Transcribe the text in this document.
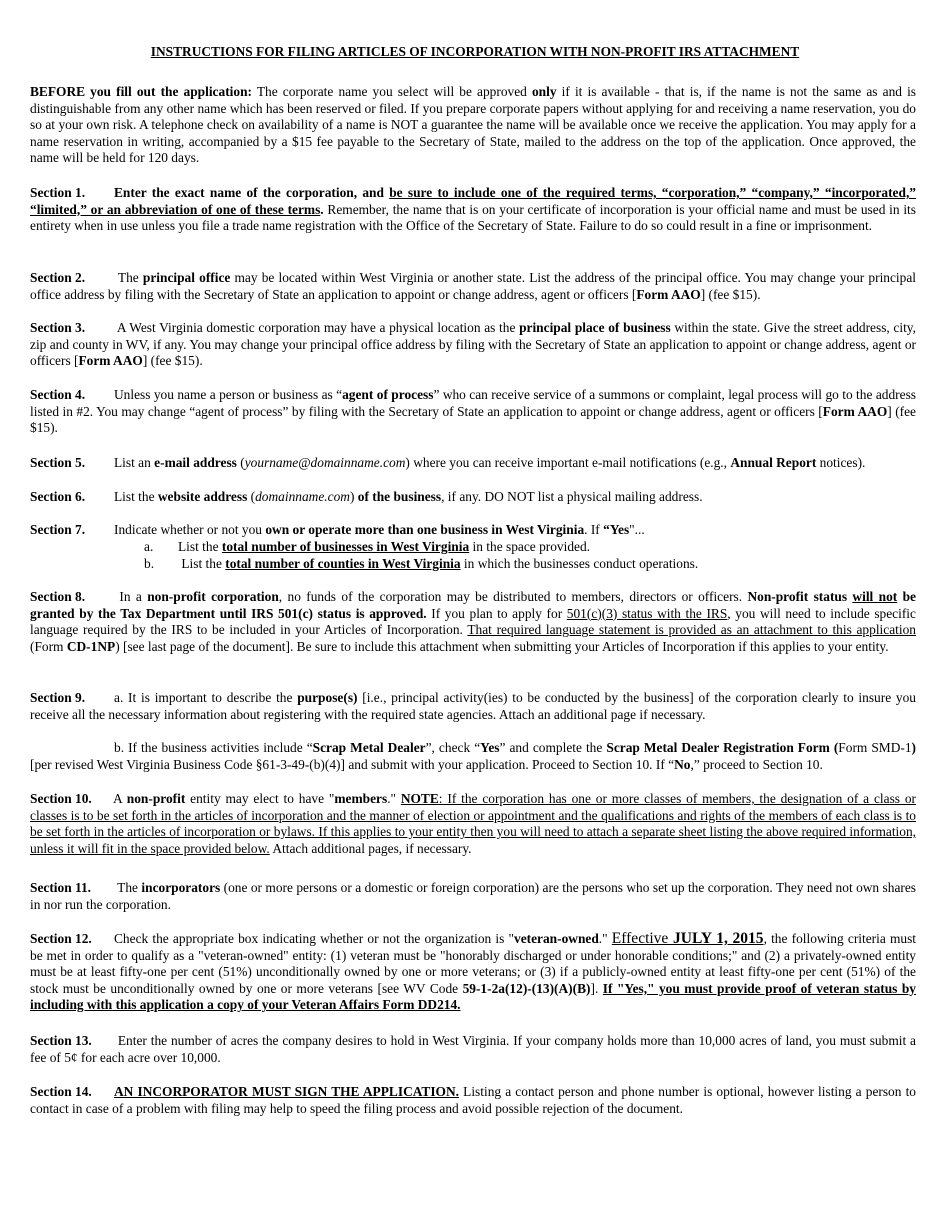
INSTRUCTIONS FOR FILING ARTICLES OF INCORPORATION WITH NON-PROFIT IRS ATTACHMENT

BEFORE you fill out the application: The corporate name you select will be approved only if it is available - that is, if the name is not the same as and is distinguishable from any other name which has been reserved or filed. If you prepare corporate papers without applying for and receiving a name reservation, you do so at your own risk. A telephone check on availability of a name is NOT a guarantee the name will be available once we receive the application. You may apply for a name reservation in writing, accompanied by a $15 fee payable to the Secretary of State, mailed to the address on the top of the application. Once approved, the name will be held for 120 days.

Section 1. Enter the exact name of the corporation, and be sure to include one of the required terms, “corporation,” “company,” “incorporated,” “limited,” or an abbreviation of one of these terms. Remember, the name that is on your certificate of incorporation is your official name and must be used in its entirety when in use unless you file a trade name registration with the Office of the Secretary of State. Failure to do so could result in a fine or imprisonment.

Section 2. The principal office may be located within West Virginia or another state. List the address of the principal office. You may change your principal office address by filing with the Secretary of State an application to appoint or change address, agent or officers [Form AAO] (fee $15).

Section 3. A West Virginia domestic corporation may have a physical location as the principal place of business within the state. Give the street address, city, zip and county in WV, if any. You may change your principal office address by filing with the Secretary of State an application to appoint or change address, agent or officers [Form AAO] (fee $15).

Section 4. Unless you name a person or business as “agent of process” who can receive service of a summons or complaint, legal process will go to the address listed in #2. You may change “agent of process” by filing with the Secretary of State an application to appoint or change address, agent or officers [Form AAO] (fee $15).

Section 5. List an e-mail address (yourname@domainname.com) where you can receive important e-mail notifications (e.g., Annual Report notices).

Section 6. List the website address (domainname.com) of the business, if any. DO NOT list a physical mailing address.

Section 7. Indicate whether or not you own or operate more than one business in West Virginia. If “Yes"...

a. List the total number of businesses in West Virginia in the space provided.

b. List the total number of counties in West Virginia in which the businesses conduct operations.

Section 8. In a non-profit corporation, no funds of the corporation may be distributed to members, directors or officers. Non-profit status will not be granted by the Tax Department until IRS 501(c) status is approved. If you plan to apply for 501(c)(3) status with the IRS, you will need to include specific language required by the IRS to be included in your Articles of Incorporation. That required language statement is provided as an attachment to this application (Form CD-1NP) [see last page of the document]. Be sure to include this attachment when submitting your Articles of Incorporation if this applies to your entity.

Section 9. a. It is important to describe the purpose(s) [i.e., principal activity(ies) to be conducted by the business] of the corporation clearly to insure you receive all the necessary information about registering with the required state agencies. Attach an additional page if necessary.

b. If the business activities include “Scrap Metal Dealer”, check “Yes” and complete the Scrap Metal Dealer Registration Form (Form SMD-1) [per revised West Virginia Business Code §61-3-49-(b)(4)] and submit with your application. Proceed to Section 10. If “No,” proceed to Section 10.

Section 10. A non-profit entity may elect to have "members." NOTE: If the corporation has one or more classes of members, the designation of a class or classes is to be set forth in the articles of incorporation and the manner of election or appointment and the qualifications and rights of the members of each class is to be set forth in the articles of incorporation or bylaws. If this applies to your entity then you will need to attach a separate sheet listing the above required information, unless it will fit in the space provided below. Attach additional pages, if necessary.

Section 11. The incorporators (one or more persons or a domestic or foreign corporation) are the persons who set up the corporation. They need not own shares in nor run the corporation.

Section 12. Check the appropriate box indicating whether or not the organization is "veteran-owned." Effective JULY 1, 2015, the following criteria must be met in order to qualify as a "veteran-owned" entity: (1) veteran must be "honorably discharged or under honorable conditions;" and (2) a privately-owned entity must be at least fifty-one per cent (51%) unconditionally owned by one or more veterans; or (3) if a publicly-owned entity at least fifty-one per cent (51%) of the stock must be unconditionally owned by one or more veterans [see WV Code 59-1-2a(12)-(13)(A)(B)]. If "Yes," you must provide proof of veteran status by including with this application a copy of your Veteran Affairs Form DD214.

Section 13. Enter the number of acres the company desires to hold in West Virginia. If your company holds more than 10,000 acres of land, you must submit a fee of 5¢ for each acre over 10,000.

Section 14. AN INCORPORATOR MUST SIGN THE APPLICATION. Listing a contact person and phone number is optional, however listing a person to contact in case of a problem with filing may help to speed the filing process and avoid possible rejection of the document.
